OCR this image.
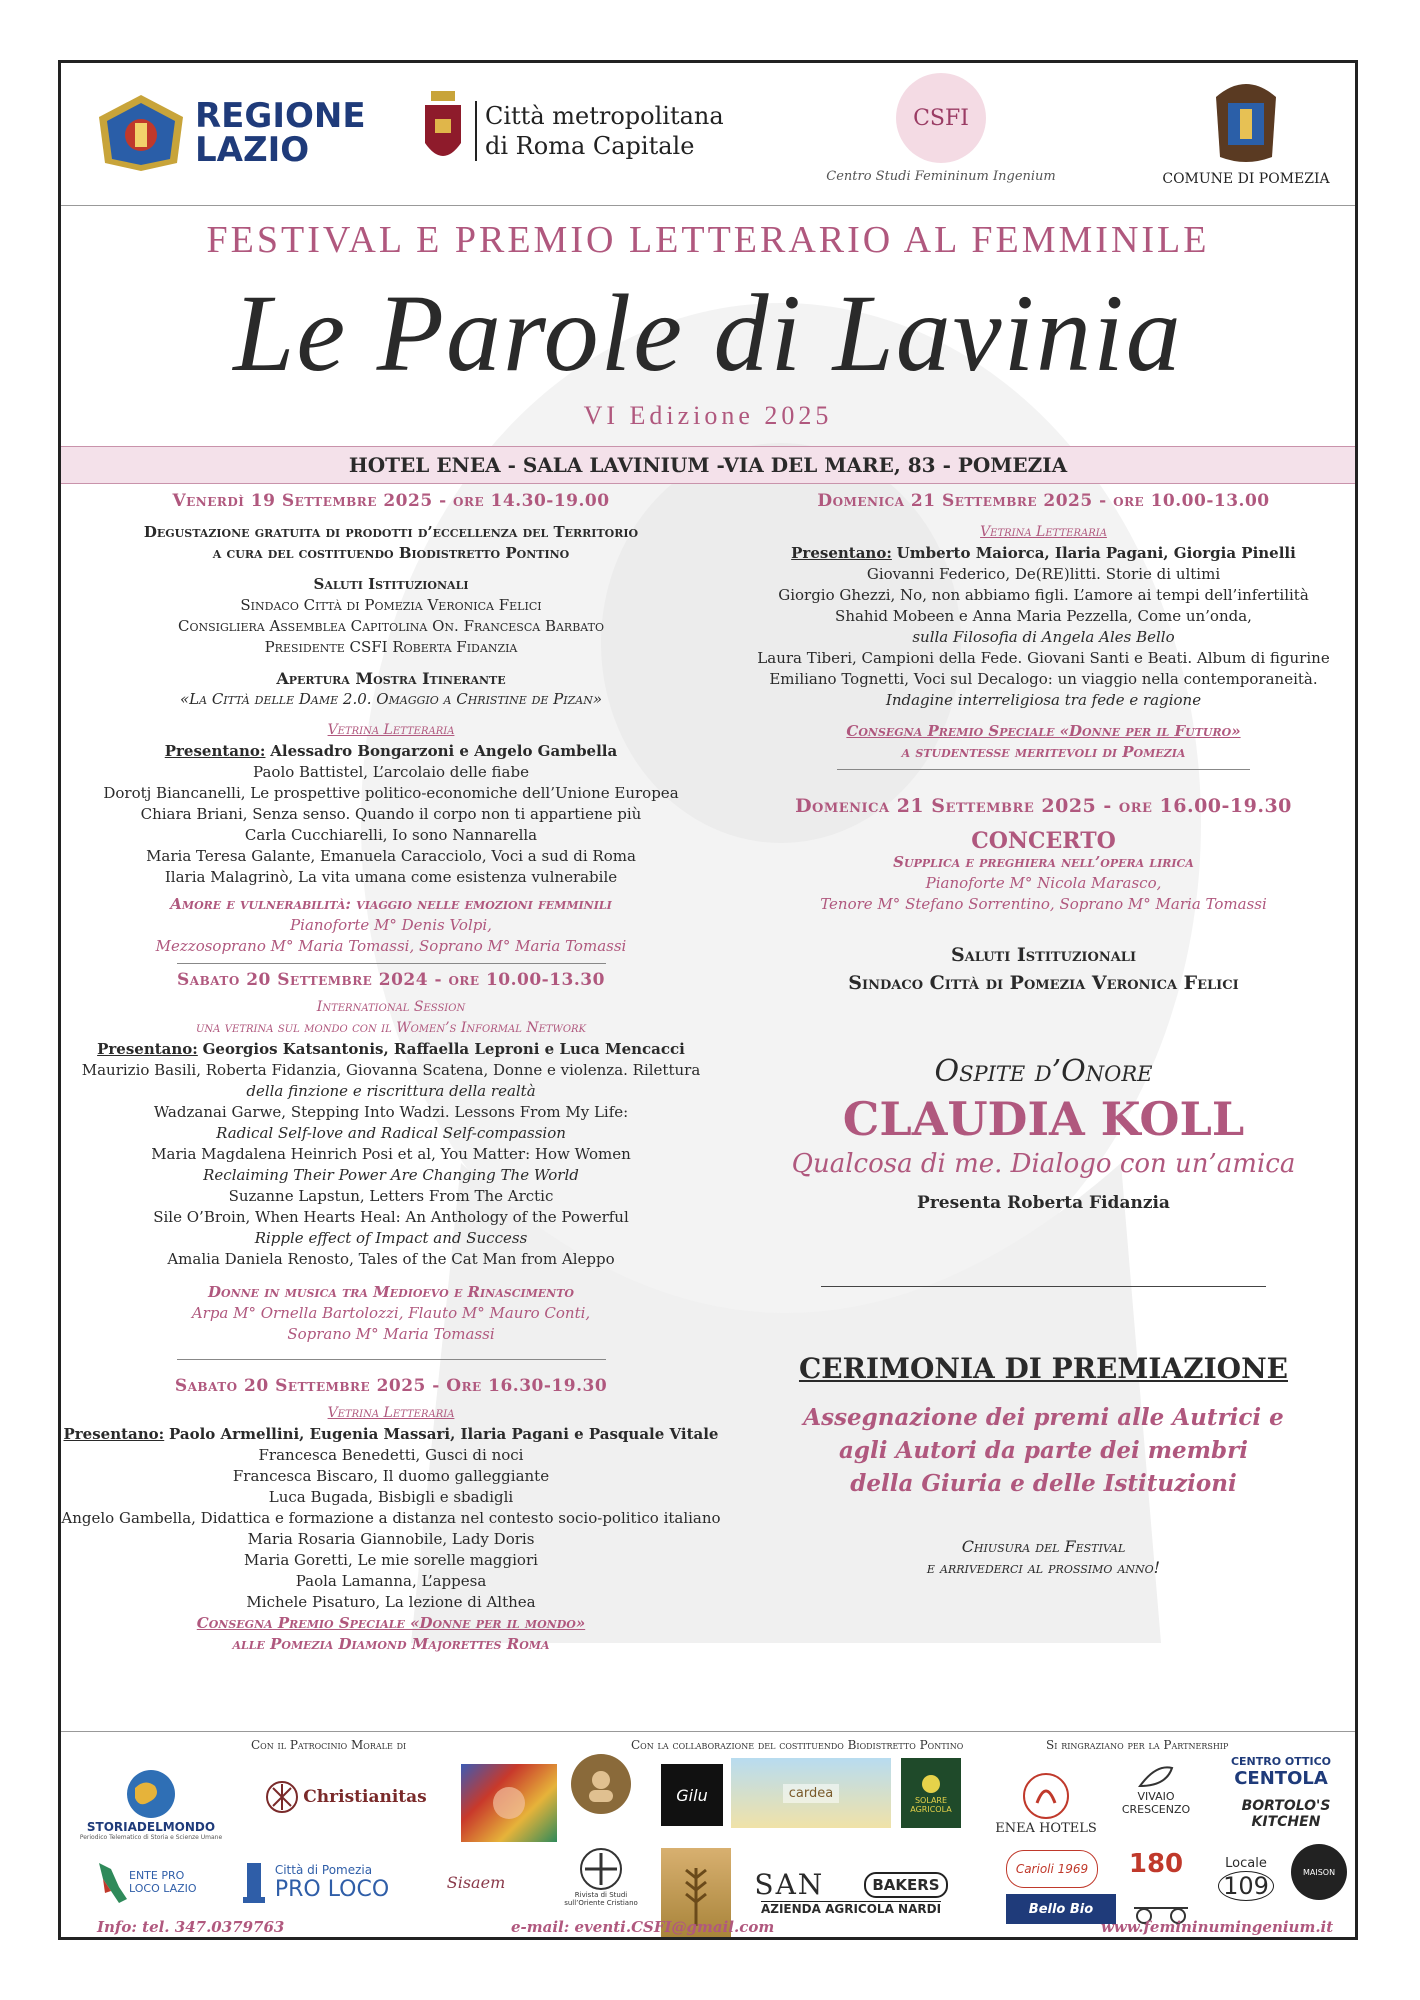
REGIONE
LAZIO
Città metropolitana
di Roma Capitale
CSFI
Centro Studi Femininum Ingenium	COMUNE DI POMEZIA
FESTIVAL E PREMIO LETTERARIO AL FEMMINILE
Le Parole di Lavinia
VI Edizione 2025
HOTEL ENEA - SALA LAVINIUM -VIA DEL MARE, 83 - POMEZIA
Venerdì 19 Settembre 2025 - ore 14.30-19.00
Degustazione gratuita di prodotti d’eccellenza del Territorio
a cura del costituendo Biodistretto Pontino
Saluti Istituzionali
Sindaco Città di Pomezia Veronica Felici
Consigliera Assemblea Capitolina On. Francesca Barbato
Presidente CSFI Roberta Fidanzia
Apertura Mostra Itinerante
«La Città delle Dame 2.0. Omaggio a Christine de Pizan»
Vetrina Letteraria
Presentano: Alessadro Bongarzoni e Angelo Gambella
Paolo Battistel, L’arcolaio delle fiabe
Dorotj Biancanelli, Le prospettive politico-economiche dell’Unione Europea
Chiara Briani, Senza senso. Quando il corpo non ti appartiene più
Carla Cucchiarelli, Io sono Nannarella
Maria Teresa Galante, Emanuela Caracciolo, Voci a sud di Roma
Ilaria Malagrinò, La vita umana come esistenza vulnerabile
Amore e vulnerabilità: viaggio nelle emozioni femminili
Pianoforte M° Denis Volpi,
Mezzosoprano M° Maria Tomassi, Soprano M° Maria Tomassi
Sabato 20 Settembre 2024 - ore 10.00-13.30
International Session
una vetrina sul mondo con il Women’s Informal Network
Presentano: Georgios Katsantonis, Raffaella Leproni e Luca Mencacci
Maurizio Basili, Roberta Fidanzia, Giovanna Scatena, Donne e violenza. Rilettura
della finzione e riscrittura della realtà
Wadzanai Garwe, Stepping Into Wadzi. Lessons From My Life:
Radical Self-love and Radical Self-compassion
Maria Magdalena Heinrich Posi et al, You Matter: How Women
Reclaiming Their Power Are Changing The World
Suzanne Lapstun, Letters From The Arctic
Sile O’Broin, When Hearts Heal: An Anthology of the Powerful
Ripple effect of Impact and Success
Amalia Daniela Renosto, Tales of the Cat Man from Aleppo
Donne in musica tra Medioevo e Rinascimento
Arpa M° Ornella Bartolozzi, Flauto M° Mauro Conti,
Soprano M° Maria Tomassi
Sabato 20 Settembre 2025 - Ore 16.30-19.30
Vetrina Letteraria
Presentano: Paolo Armellini, Eugenia Massari, Ilaria Pagani e Pasquale Vitale
Francesca Benedetti, Gusci di noci
Francesca Biscaro, Il duomo galleggiante
Luca Bugada, Bisbigli e sbadigli
Angelo Gambella, Didattica e formazione a distanza nel contesto socio-politico italiano
Maria Rosaria Giannobile, Lady Doris
Maria Goretti, Le mie sorelle maggiori
Paola Lamanna, L’appesa
Michele Pisaturo, La lezione di Althea
Consegna Premio Speciale «Donne per il mondo»
alle Pomezia Diamond Majorettes Roma
Domenica 21 Settembre 2025 - ore 10.00-13.00
Vetrina Letteraria
Presentano: Umberto Maiorca, Ilaria Pagani, Giorgia Pinelli
Giovanni Federico, De(RE)litti. Storie di ultimi
Giorgio Ghezzi, No, non abbiamo figli. L’amore ai tempi dell’infertilità
Shahid Mobeen e Anna Maria Pezzella, Come un’onda,
sulla Filosofia di Angela Ales Bello
Laura Tiberi, Campioni della Fede. Giovani Santi e Beati. Album di figurine
Emiliano Tognetti, Voci sul Decalogo: un viaggio nella contemporaneità.
Indagine interreligiosa tra fede e ragione
Consegna Premio Speciale «Donne per il Futuro»
a studentesse meritevoli di Pomezia
Domenica 21 Settembre 2025 - ore 16.00-19.30
CONCERTO
Supplica e preghiera nell’opera lirica
Pianoforte M° Nicola Marasco,
Tenore M° Stefano Sorrentino, Soprano M° Maria Tomassi
Saluti Istituzionali
Sindaco Città di Pomezia Veronica Felici
Ospite d’Onore
CLAUDIA KOLL
Qualcosa di me. Dialogo con un’amica
Presenta Roberta Fidanzia
CERIMONIA DI PREMIAZIONE
Assegnazione dei premi alle Autrici e
agli Autori da parte dei membri
della Giuria e delle Istituzioni
Chiusura del Festival
e arrivederci al prossimo anno!
Con il Patrocinio Morale di	Con la collaborazione del costituendo Biodistretto Pontino	Si ringraziano per la Partnership
STORIADELMONDO
Periodico Telematico di Storia e Scienze Umane
Christianitas
ENTE PRO LOCO LAZIO
Città di Pomezia
PRO LOCO	Sisaem
Rivista di Studi sull’Oriente Cristiano
Gilu	cardea	SOLARE AGRICOLA
SAN	BAKERS
AZIENDA AGRICOLA NARDI
ENEA HOTELS
VIVAIO CRESCENZO
CENTRO OTTICO
CENTOLA
BORTOLO'S KITCHEN
Carioli 1969	180	Locale
109	MAISON
Bello Bio
Info: tel. 347.0379763	e-mail: eventi.CSFI@gmail.com	www.femininumingenium.it
